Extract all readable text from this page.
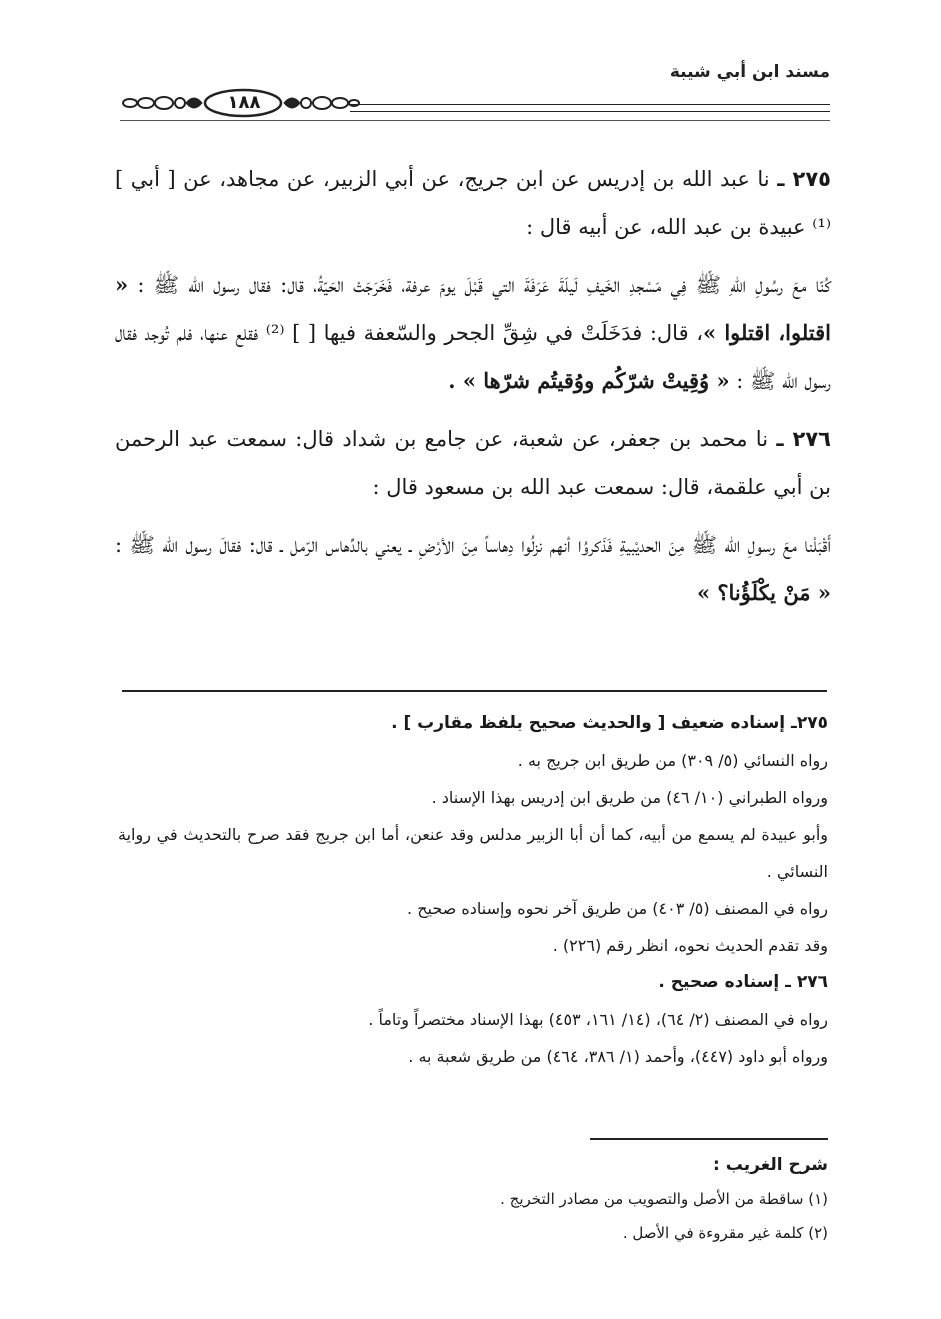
مسند ابن أبي شيبة
١٨٨

٢٧٥ ـ نا عبد الله بن إدريس عن ابن جريج، عن أبي الزبير، عن مجاهد، عن [ أبي ] ⁽¹⁾ عبيدة بن عبد الله، عن أبيه قال :

كُنّا معَ رسُولِ اللهِ ﷺ فِي مَسْجدِ الخَيفِ لَيلَةَ عَرَفَةَ التي قَبْلَ يومَ عرفة، فَخَرَجَتْ الحَيّةُ، قال: فقال رسول الله ﷺ : « اقتلوا، اقتلوا »، قال: فدَخَلَتْ في شِقِّ الجحر والسّعفة فيها [ ] ⁽²⁾ فقلع عنها، فلم تُوجد فقال رسول الله ﷺ : « وُقِيتْ شرّكُم ووُقيتُم شرّها » .

٢٧٦ ـ نا محمد بن جعفر، عن شعبة، عن جامع بن شداد قال: سمعت عبد الرحمن بن أبي علقمة، قال: سمعت عبد الله بن مسعود قال :

أَقْبَلْنا معَ رسولِ الله ﷺ مِنَ الحديْبيةِ فَذَكروُا أنهم نزلُوا دِهاساً مِنَ الأرْضِ ـ يعني بالدِّهاس الرّمل ـ قال: فقالَ رسول الله ﷺ : « مَنْ يكْلَؤُنا؟ »

٢٧٥ـ إسناده ضعيف [ والحديث صحيح بلفظ مقارب ] .

رواه النسائي (٥/ ٣٠٩) من طريق ابن جريج به .

ورواه الطبراني (١٠/ ٤٦) من طريق ابن إدريس بهذا الإسناد .

وأبو عبيدة لم يسمع من أبيه، كما أن أبا الزبير مدلس وقد عنعن، أما ابن جريج فقد صرح بالتحديث في رواية النسائي .

رواه في المصنف (٥/ ٤٠٣) من طريق آخر نحوه وإسناده صحيح .

وقد تقدم الحديث نحوه، انظر رقم (٢٢٦) .

٢٧٦ ـ إسناده صحيح .

رواه في المصنف (٢/ ٦٤)، (١٤/ ١٦١، ٤٥٣) بهذا الإسناد مختصراً وتاماً .

ورواه أبو داود (٤٤٧)، وأحمد (١/ ٣٨٦، ٤٦٤) من طريق شعبة به .

شرح الغريب :

(١) ساقطة من الأصل والتصويب من مصادر التخريج .

(٢) كلمة غير مقروءة في الأصل .
